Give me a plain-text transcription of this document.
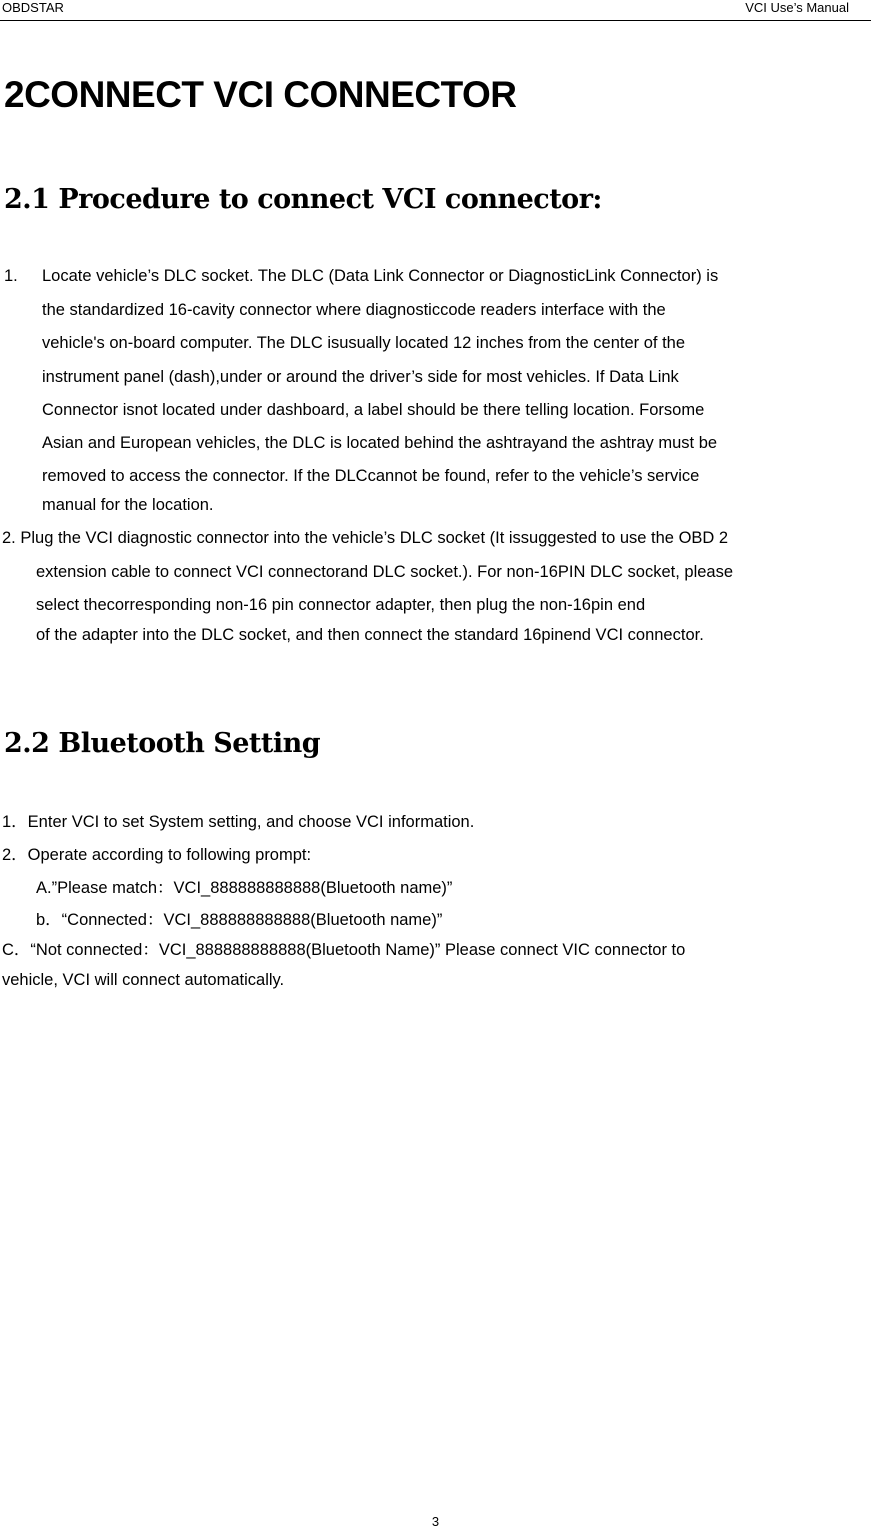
OBDSTAR	VCI Use’s Manual
2CONNECT VCI CONNECTOR
2.1 Procedure to connect VCI connector:
1. Locate vehicle’s DLC socket. The DLC (Data Link Connector or DiagnosticLink Connector) is
the standardized 16-cavity connector where diagnosticcode readers interface with the
vehicle's on-board computer. The DLC isusually located 12 inches from the center of the
instrument panel (dash),under or around the driver’s side for most vehicles. If Data Link
Connector isnot located under dashboard, a label should be there telling location. Forsome
Asian and European vehicles, the DLC is located behind the ashtrayand the ashtray must be
removed to access the connector. If the DLCcannot be found, refer to the vehicle’s service
manual for the location.
2. Plug the VCI diagnostic connector into the vehicle’s DLC socket (It issuggested to use the OBD 2
extension cable to connect VCI connectorand DLC socket.). For non-16PIN DLC socket, please
select thecorresponding non-16 pin connector adapter, then plug the non-16pin end
of the adapter into the DLC socket, and then connect the standard 16pinend VCI connector.
2.2 Bluetooth Setting
1．Enter VCI to set System setting, and choose VCI information.
2．Operate according to following prompt:
A.”Please match：VCI_888888888888(Bluetooth name)”
b．“Connected：VCI_888888888888(Bluetooth name)”
C．“Not connected：VCI_888888888888(Bluetooth Name)” Please connect VIC connector to
vehicle, VCI will connect automatically.
3
